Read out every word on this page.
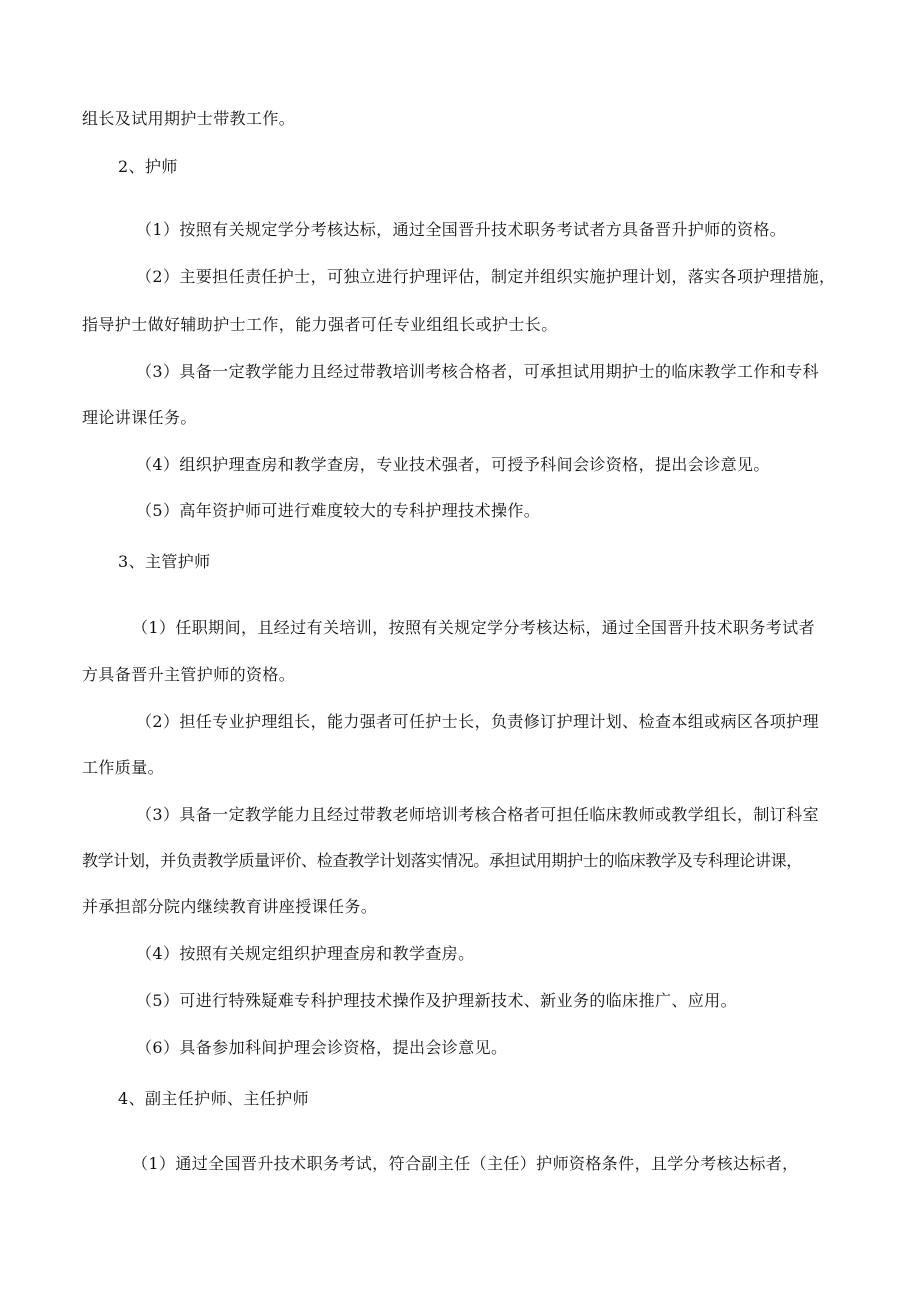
组长及试用期护士带教工作。
2、护师
（1）按照有关规定学分考核达标，通过全国晋升技术职务考试者方具备晋升护师的资格。
（2）主要担任责任护士，可独立进行护理评估，制定并组织实施护理计划，落实各项护理措施，
指导护士做好辅助护士工作，能力强者可任专业组组长或护士长。
（3）具备一定教学能力且经过带教培训考核合格者，可承担试用期护士的临床教学工作和专科
理论讲课任务。
（4）组织护理查房和教学查房，专业技术强者，可授予科间会诊资格，提出会诊意见。
（5）高年资护师可进行难度较大的专科护理技术操作。
3、主管护师
（1）任职期间，且经过有关培训，按照有关规定学分考核达标，通过全国晋升技术职务考试者
方具备晋升主管护师的资格。
（2）担任专业护理组长，能力强者可任护士长，负责修订护理计划、检查本组或病区各项护理
工作质量。
（3）具备一定教学能力且经过带教老师培训考核合格者可担任临床教师或教学组长，制订科室
教学计划，并负责教学质量评价、检查教学计划落实情况。承担试用期护士的临床教学及专科理论讲课，
并承担部分院内继续教育讲座授课任务。
（4）按照有关规定组织护理查房和教学查房。
（5）可进行特殊疑难专科护理技术操作及护理新技术、新业务的临床推广、应用。
（6）具备参加科间护理会诊资格，提出会诊意见。
4、副主任护师、主任护师
（1）通过全国晋升技术职务考试，符合副主任（主任）护师资格条件，且学分考核达标者，
